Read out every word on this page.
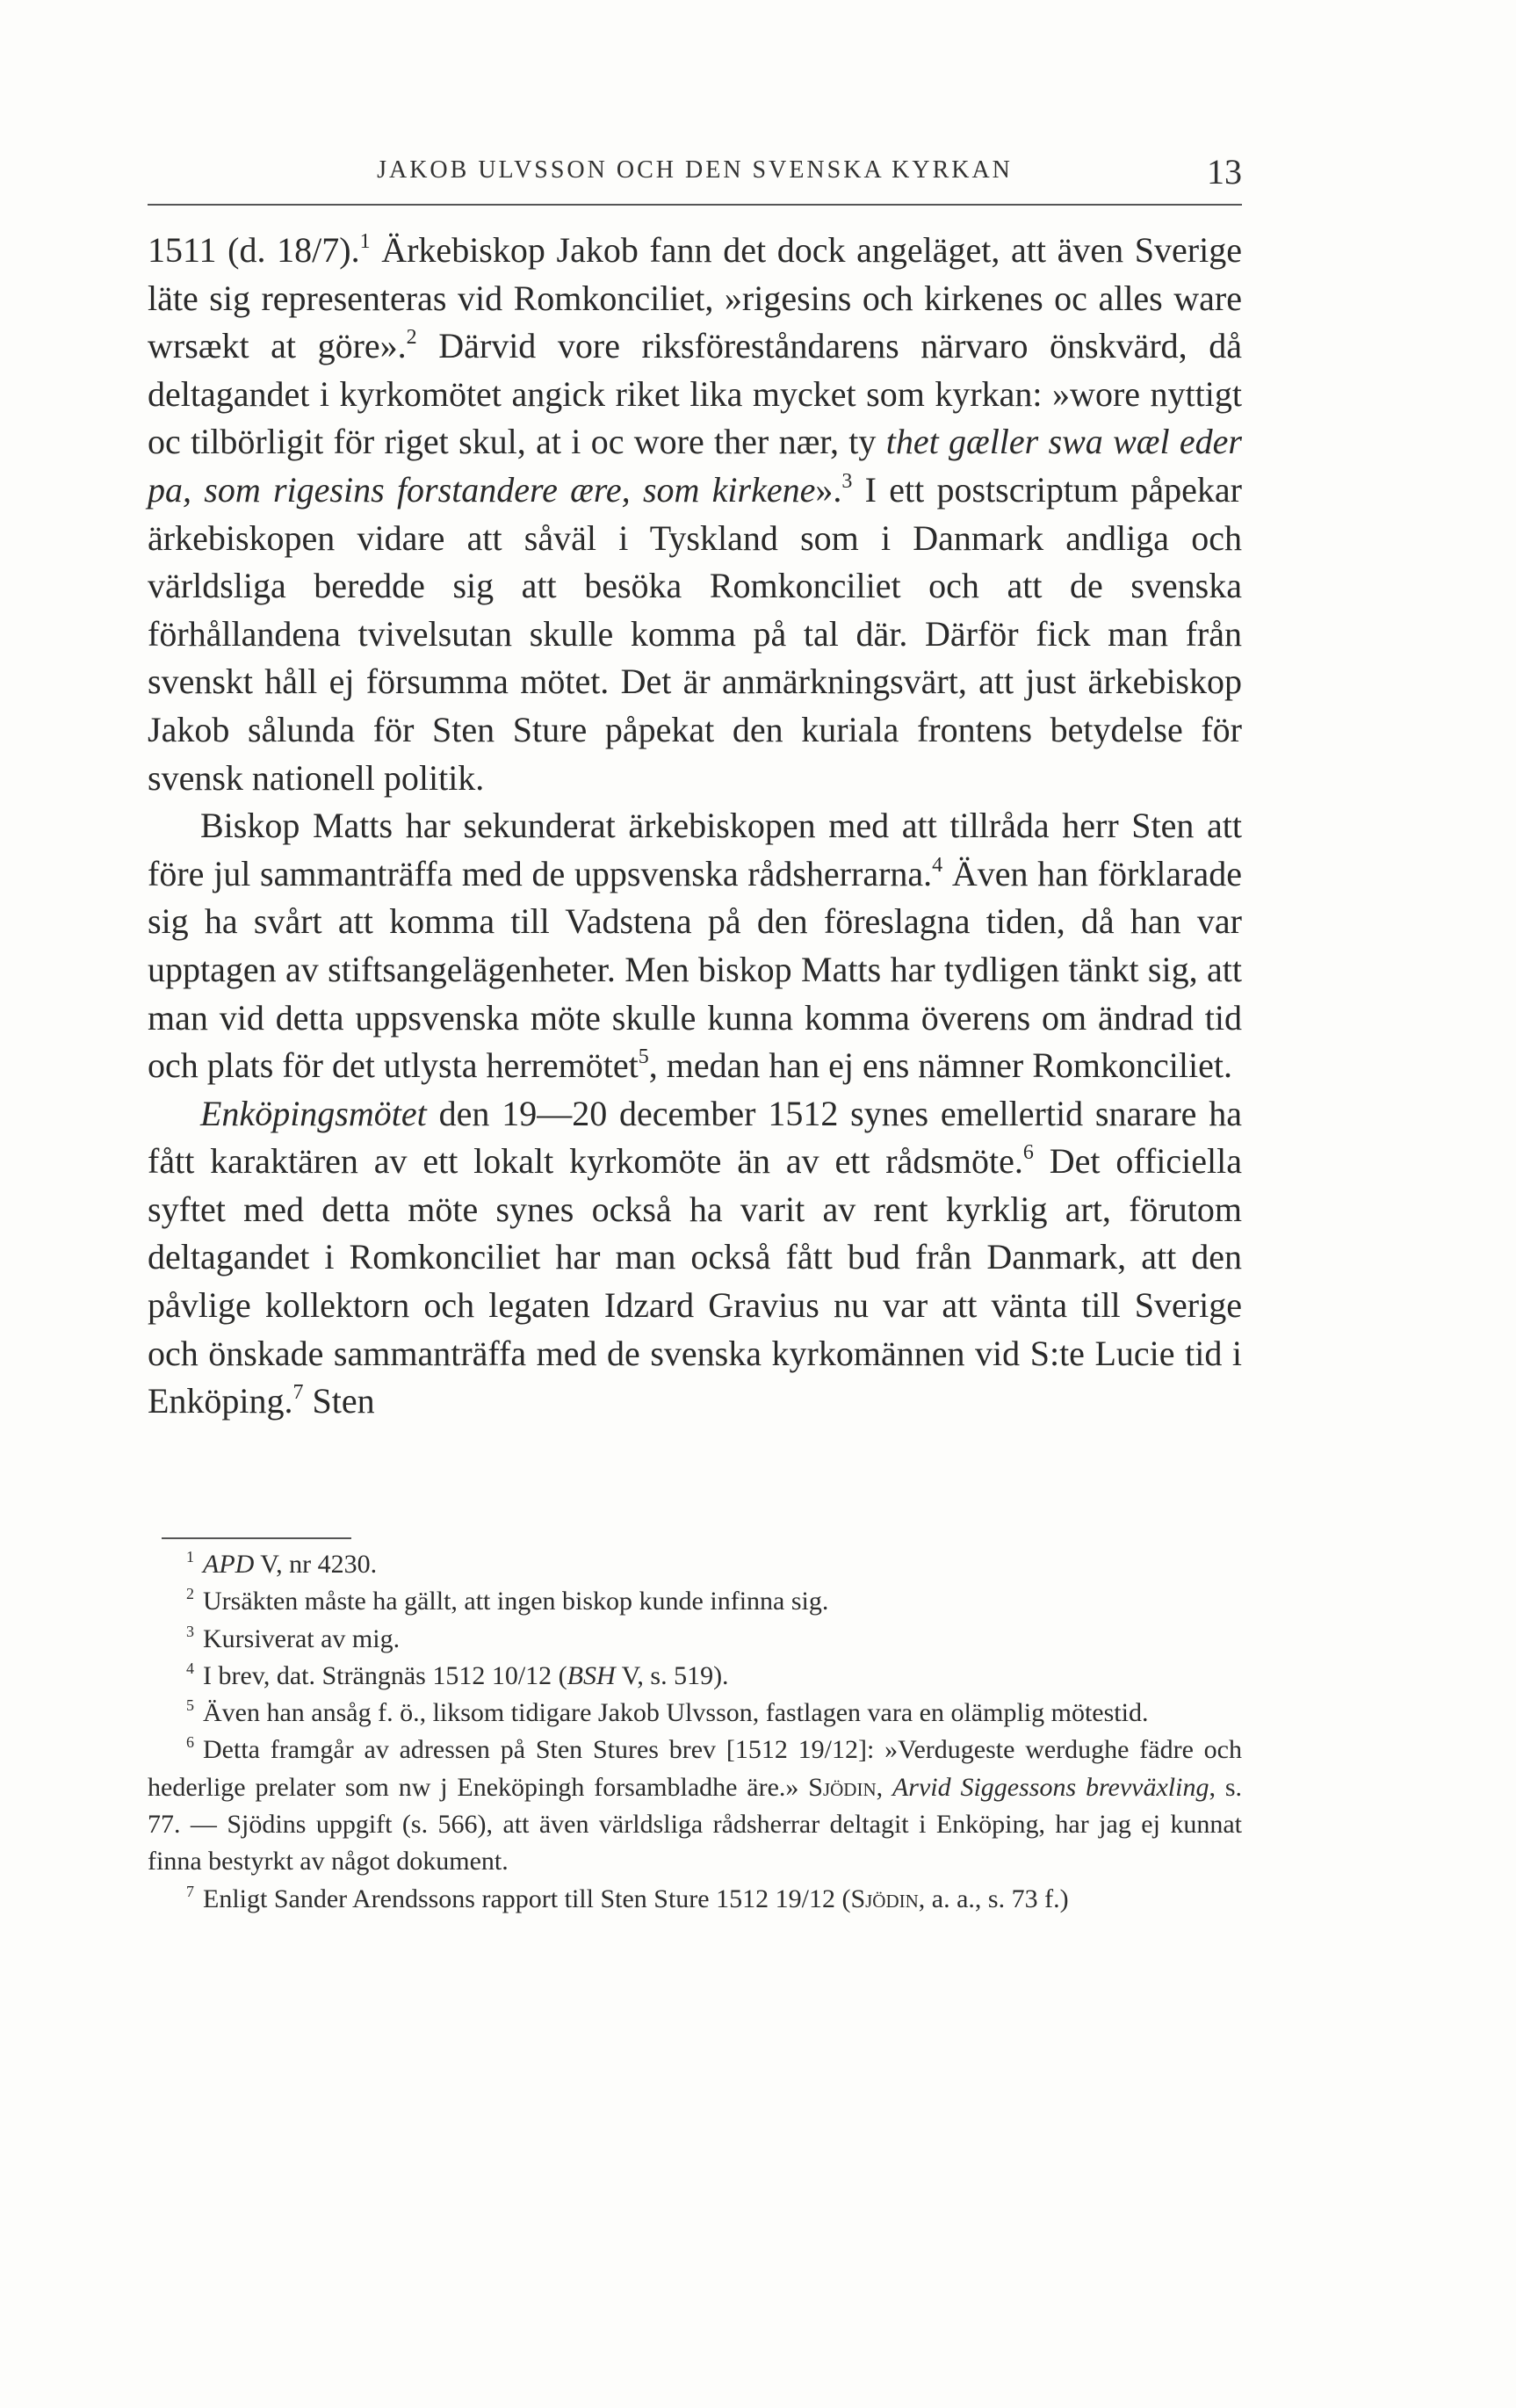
JAKOB ULVSSON OCH DEN SVENSKA KYRKAN	13

1511 (d. 18/7).$^1$ Ärkebiskop Jakob fann det dock angeläget, att även Sverige läte sig representeras vid Romkonciliet, »rigesins och kirkenes oc alles ware wrsækt at göre».$^2$ Därvid vore riksföreståndarens närvaro önskvärd, då deltagandet i kyrkomötet angick riket lika mycket som kyrkan: »wore nyttigt oc tilbörligit för riget skul, at i oc wore ther nær, ty thet gæller swa wæl eder pa, som rigesins forstandere ære, som kirkene».$^3$ I ett postscriptum påpekar ärkebiskopen vidare att såväl i Tyskland som i Danmark andliga och världsliga beredde sig att besöka Romkonciliet och att de svenska förhållandena tvivelsutan skulle komma på tal där. Därför fick man från svenskt håll ej försumma mötet. Det är anmärkningsvärt, att just ärkebiskop Jakob sålunda för Sten Sture påpekat den kuriala frontens betydelse för svensk nationell politik.

Biskop Matts har sekunderat ärkebiskopen med att tillråda herr Sten att före jul sammanträffa med de uppsvenska rådsherrarna.$^4$ Även han förklarade sig ha svårt att komma till Vadstena på den föreslagna tiden, då han var upptagen av stiftsangelägenheter. Men biskop Matts har tydligen tänkt sig, att man vid detta uppsvenska möte skulle kunna komma överens om ändrad tid och plats för det utlysta herremötet$^5$, medan han ej ens nämner Romkonciliet.

Enköpingsmötet den 19—20 december 1512 synes emellertid snarare ha fått karaktären av ett lokalt kyrkomöte än av ett rådsmöte.$^6$ Det officiella syftet med detta möte synes också ha varit av rent kyrklig art, förutom deltagandet i Romkonciliet har man också fått bud från Danmark, att den påvlige kollektorn och legaten Idzard Gravius nu var att vänta till Sverige och önskade sammanträffa med de svenska kyrkomännen vid S:te Lucie tid i Enköping.$^7$ Sten

$^1$ APD V, nr 4230.

$^2$ Ursäkten måste ha gällt, att ingen biskop kunde infinna sig.

$^3$ Kursiverat av mig.

$^4$ I brev, dat. Strängnäs 1512 10/12 (BSH V, s. 519).

$^5$ Även han ansåg f. ö., liksom tidigare Jakob Ulvsson, fastlagen vara en olämplig mötestid.

$^6$ Detta framgår av adressen på Sten Stures brev [1512 19/12]: »Verdugeste werdughe fädre och hederlige prelater som nw j Eneköpingh forsambladhe äre.» Sjödin, Arvid Siggessons brevväxling, s. 77. — Sjödins uppgift (s. 566), att även världsliga rådsherrar deltagit i Enköping, har jag ej kunnat finna bestyrkt av något dokument.

$^7$ Enligt Sander Arendssons rapport till Sten Sture 1512 19/12 (Sjödin, a. a., s. 73 f.)
